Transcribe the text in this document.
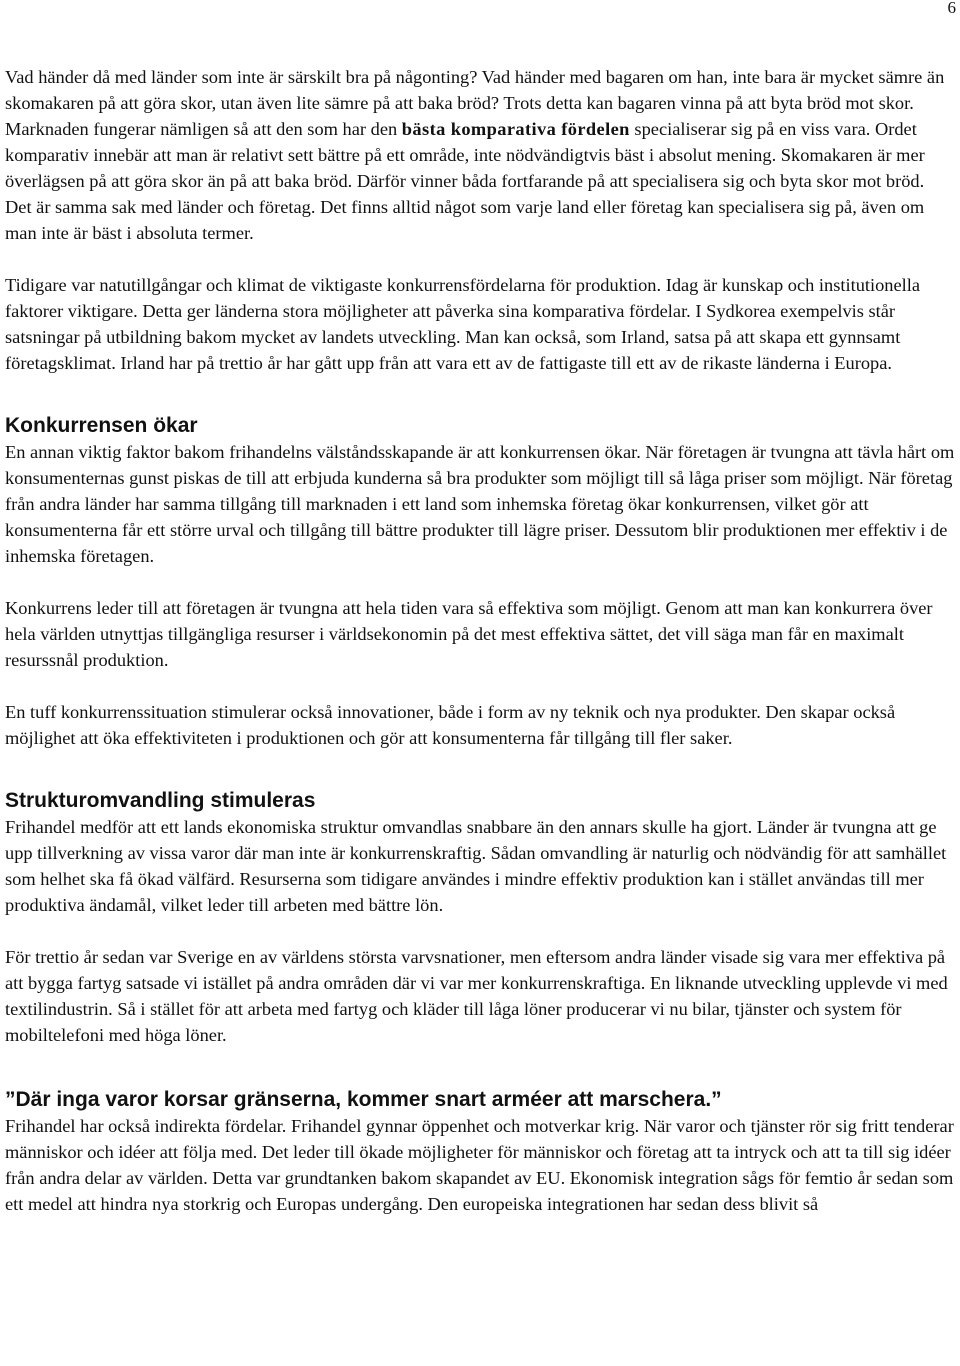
6

Vad händer då med länder som inte är särskilt bra på någonting? Vad händer med bagaren om han, inte bara är mycket sämre än skomakaren på att göra skor, utan även lite sämre på att baka bröd? Trots detta kan bagaren vinna på att byta bröd mot skor. Marknaden fungerar nämligen så att den som har den bästa komparativa fördelen specialiserar sig på en viss vara. Ordet komparativ innebär att man är relativt sett bättre på ett område, inte nödvändigtvis bäst i absolut mening. Skomakaren är mer överlägsen på att göra skor än på att baka bröd. Därför vinner båda fortfarande på att specialisera sig och byta skor mot bröd. Det är samma sak med länder och företag. Det finns alltid något som varje land eller företag kan specialisera sig på, även om man inte är bäst i absoluta termer.

Tidigare var natutillgångar och klimat de viktigaste konkurrensfördelarna för produktion. Idag är kunskap och institutionella faktorer viktigare. Detta ger länderna stora möjligheter att påverka sina komparativa fördelar. I Sydkorea exempelvis står satsningar på utbildning bakom mycket av landets utveckling. Man kan också, som Irland, satsa på att skapa ett gynnsamt företagsklimat. Irland har på trettio år har gått upp från att vara ett av de fattigaste till ett av de rikaste länderna i Europa.

Konkurrensen ökar

En annan viktig faktor bakom frihandelns välståndsskapande är att konkurrensen ökar. När företagen är tvungna att tävla hårt om konsumenternas gunst piskas de till att erbjuda kunderna så bra produkter som möjligt till så låga priser som möjligt. När företag från andra länder har samma tillgång till marknaden i ett land som inhemska företag ökar konkurrensen, vilket gör att konsumenterna får ett större urval och tillgång till bättre produkter till lägre priser. Dessutom blir produktionen mer effektiv i de inhemska företagen.

Konkurrens leder till att företagen är tvungna att hela tiden vara så effektiva som möjligt. Genom att man kan konkurrera över hela världen utnyttjas tillgängliga resurser i världsekonomin på det mest effektiva sättet, det vill säga man får en maximalt resurssnål produktion.

En tuff konkurrenssituation stimulerar också innovationer, både i form av ny teknik och nya produkter. Den skapar också möjlighet att öka effektiviteten i produktionen och gör att konsumenterna får tillgång till fler saker.

Strukturomvandling stimuleras

Frihandel medför att ett lands ekonomiska struktur omvandlas snabbare än den annars skulle ha gjort. Länder är tvungna att ge upp tillverkning av vissa varor där man inte är konkurrenskraftig. Sådan omvandling är naturlig och nödvändig för att samhället som helhet ska få ökad välfärd. Resurserna som tidigare användes i mindre effektiv produktion kan i stället användas till mer produktiva ändamål, vilket leder till arbeten med bättre lön.

För trettio år sedan var Sverige en av världens största varvsnationer, men eftersom andra länder visade sig vara mer effektiva på att bygga fartyg satsade vi istället på andra områden där vi var mer konkurrenskraftiga. En liknande utveckling upplevde vi med textilindustrin. Så i stället för att arbeta med fartyg och kläder till låga löner producerar vi nu bilar, tjänster och system för mobiltelefoni med höga löner.

”Där inga varor korsar gränserna, kommer snart arméer att marschera.”

Frihandel har också indirekta fördelar. Frihandel gynnar öppenhet och motverkar krig. När varor och tjänster rör sig fritt tenderar människor och idéer att följa med. Det leder till ökade möjligheter för människor och företag att ta intryck och att ta till sig idéer från andra delar av världen. Detta var grundtanken bakom skapandet av EU. Ekonomisk integration sågs för femtio år sedan som ett medel att hindra nya storkrig och Europas undergång. Den europeiska integrationen har sedan dess blivit så
